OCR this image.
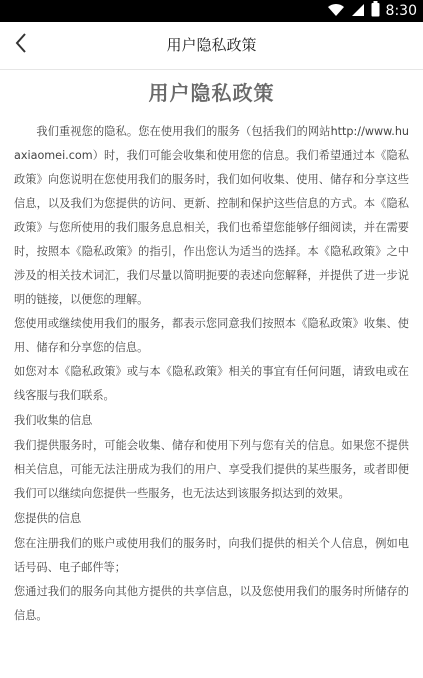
8:30
用户隐私政策
用户隐私政策

我们重视您的隐私。您在使用我们的服务（包括我们的网站http://www.huaxiaomei.com）时，我们可能会收集和使用您的信息。我们希望通过本《隐私政策》向您说明在您使用我们的服务时，我们如何收集、使用、储存和分享这些信息，以及我们为您提供的访问、更新、控制和保护这些信息的方式。本《隐私政策》与您所使用的我们服务息息相关，我们也希望您能够仔细阅读，并在需要时，按照本《隐私政策》的指引，作出您认为适当的选择。本《隐私政策》之中涉及的相关技术词汇，我们尽量以简明扼要的表述向您解释，并提供了进一步说明的链接，以便您的理解。

您使用或继续使用我们的服务，都表示您同意我们按照本《隐私政策》收集、使用、储存和分享您的信息。

如您对本《隐私政策》或与本《隐私政策》相关的事宜有任何问题，请致电或在线客服与我们联系。

我们收集的信息

我们提供服务时，可能会收集、储存和使用下列与您有关的信息。如果您不提供相关信息，可能无法注册成为我们的用户、享受我们提供的某些服务，或者即便我们可以继续向您提供一些服务，也无法达到该服务拟达到的效果。

您提供的信息

您在注册我们的账户或使用我们的服务时，向我们提供的相关个人信息，例如电话号码、电子邮件等；

您通过我们的服务向其他方提供的共享信息，以及您使用我们的服务时所储存的信息。
